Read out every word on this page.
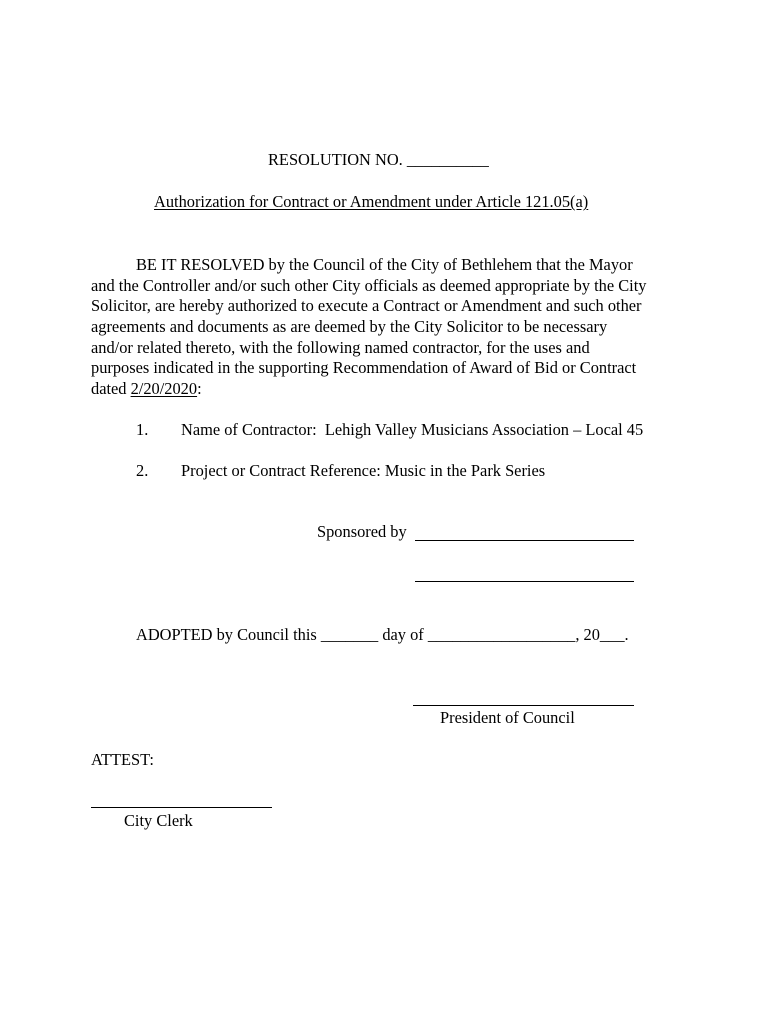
RESOLUTION NO. __________
Authorization for Contract or Amendment under Article 121.05(a)
BE IT RESOLVED by the Council of the City of Bethlehem that the Mayor
and the Controller and/or such other City officials as deemed appropriate by the City
Solicitor, are hereby authorized to execute a Contract or Amendment and such other
agreements and documents as are deemed by the City Solicitor to be necessary
and/or related thereto, with the following named contractor, for the uses and
purposes indicated in the supporting Recommendation of Award of Bid or Contract
dated 2/20/2020:
1. Name of Contractor:  Lehigh Valley Musicians Association – Local 45
2. Project or Contract Reference: Music in the Park Series
Sponsored by
ADOPTED by Council this _______ day of __________________, 20___.
President of Council
ATTEST:
City Clerk
